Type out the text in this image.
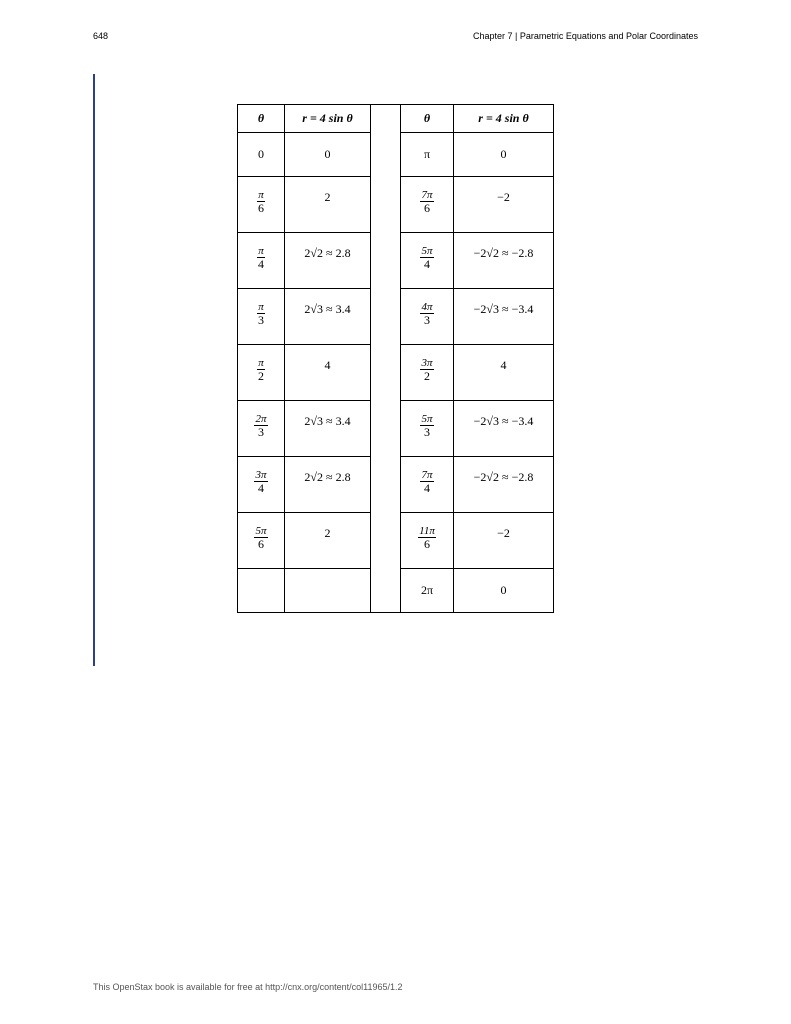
648	Chapter 7 | Parametric Equations and Polar Coordinates
θ	r = 4 sin θ		θ	r = 4 sin θ

0	0		π	0

$\frac{\pi}{6}$	2		$\frac{7\pi}{6}$	−2

$\frac{\pi}{4}$	2√2 ≈ 2.8		$\frac{5\pi}{4}$	−2√2 ≈ −2.8

$\frac{\pi}{3}$	2√3 ≈ 3.4		$\frac{4\pi}{3}$	−2√3 ≈ −3.4

$\frac{\pi}{2}$	4		$\frac{3\pi}{2}$	4

$\frac{2\pi}{3}$	2√3 ≈ 3.4		$\frac{5\pi}{3}$	−2√3 ≈ −3.4

$\frac{3\pi}{4}$	2√2 ≈ 2.8		$\frac{7\pi}{4}$	−2√2 ≈ −2.8

$\frac{5\pi}{6}$	2		$\frac{11\pi}{6}$	−2

			2π	0
This OpenStax book is available for free at http://cnx.org/content/col11965/1.2
